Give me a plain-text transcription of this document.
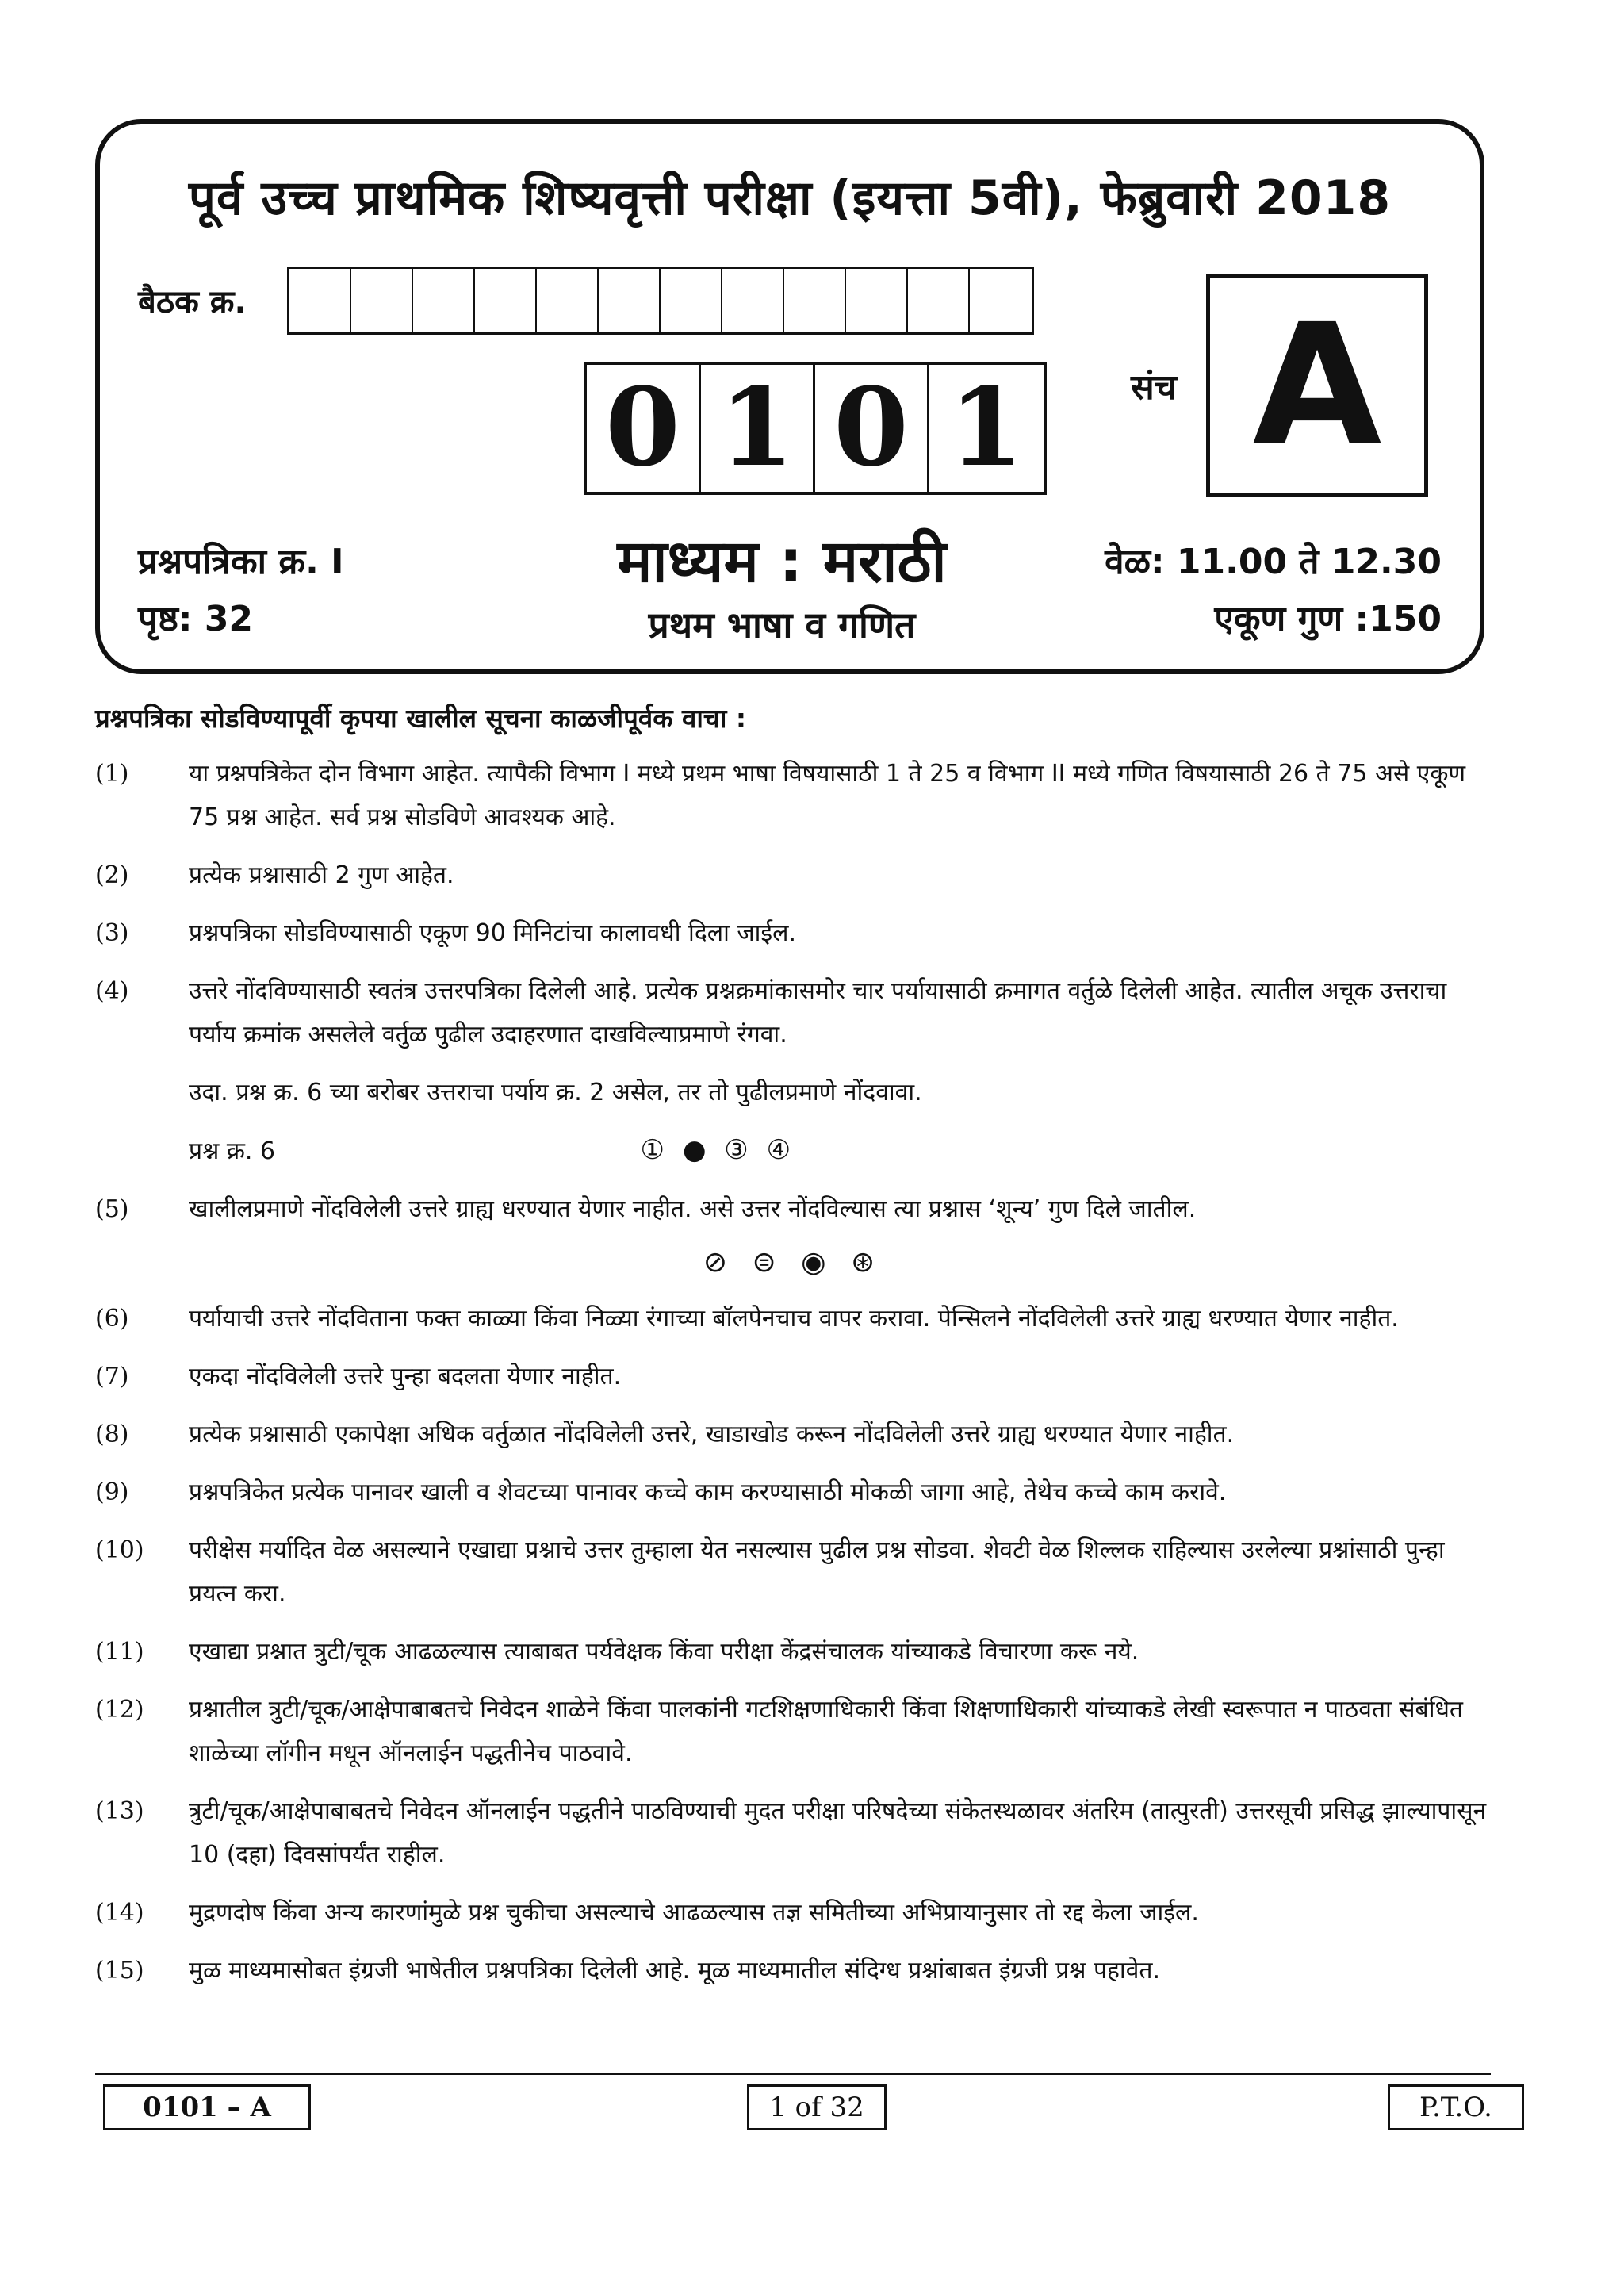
पूर्व उच्च प्राथमिक शिष्यवृत्ती परीक्षा (इयत्ता 5वी), फेब्रुवारी 2018
बैठक क्र.
0 1 0 1	संच A
प्रश्नपत्रिका क्र. I
पृष्ठ: 32
माध्यम : मराठी
प्रथम भाषा व गणित
वेळ: 11.00 ते 12.30
एकूण गुण :150
प्रश्नपत्रिका सोडविण्यापूर्वी कृपया खालील सूचना काळजीपूर्वक वाचा :
(1)	या प्रश्नपत्रिकेत दोन विभाग आहेत. त्यापैकी विभाग I मध्ये प्रथम भाषा विषयासाठी 1 ते 25 व विभाग II मध्ये गणित विषयासाठी 26 ते 75 असे एकूण 75 प्रश्न आहेत. सर्व प्रश्न सोडविणे आवश्यक आहे.
(2)	प्रत्येक प्रश्नासाठी 2 गुण आहेत.
(3)	प्रश्नपत्रिका सोडविण्यासाठी एकूण 90 मिनिटांचा कालावधी दिला जाईल.
(4)	उत्तरे नोंदविण्यासाठी स्वतंत्र उत्तरपत्रिका दिलेली आहे. प्रत्येक प्रश्नक्रमांकासमोर चार पर्यायासाठी क्रमागत वर्तुळे दिलेली आहेत. त्यातील अचूक उत्तराचा पर्याय क्रमांक असलेले वर्तुळ पुढील उदाहरणात दाखविल्याप्रमाणे रंगवा.
उदा. प्रश्न क्र. 6 च्या बरोबर उत्तराचा पर्याय क्र. 2 असेल, तर तो पुढीलप्रमाणे नोंदवावा.
प्रश्न क्र. 6	① ● ③ ④
(5)	खालीलप्रमाणे नोंदविलेली उत्तरे ग्राह्य धरण्यात येणार नाहीत. असे उत्तर नोंदविल्यास त्या प्रश्नास ‘शून्य’ गुण दिले जातील.
⊘ ⊜ ◉ ⊛
(6)	पर्यायाची उत्तरे नोंदविताना फक्त काळ्या किंवा निळ्या रंगाच्या बॉलपेनचाच वापर करावा. पेन्सिलने नोंदविलेली उत्तरे ग्राह्य धरण्यात येणार नाहीत.
(7)	एकदा नोंदविलेली उत्तरे पुन्हा बदलता येणार नाहीत.
(8)	प्रत्येक प्रश्नासाठी एकापेक्षा अधिक वर्तुळात नोंदविलेली उत्तरे, खाडाखोड करून नोंदविलेली उत्तरे ग्राह्य धरण्यात येणार नाहीत.
(9)	प्रश्नपत्रिकेत प्रत्येक पानावर खाली व शेवटच्या पानावर कच्चे काम करण्यासाठी मोकळी जागा आहे, तेथेच कच्चे काम करावे.
(10) परीक्षेस मर्यादित वेळ असल्याने एखाद्या प्रश्नाचे उत्तर तुम्हाला येत नसल्यास पुढील प्रश्न सोडवा. शेवटी वेळ शिल्लक राहिल्यास उरलेल्या प्रश्नांसाठी पुन्हा प्रयत्न करा.
(11) एखाद्या प्रश्नात त्रुटी/चूक आढळल्यास त्याबाबत पर्यवेक्षक किंवा परीक्षा केंद्रसंचालक यांच्याकडे विचारणा करू नये.
(12) प्रश्नातील त्रुटी/चूक/आक्षेपाबाबतचे निवेदन शाळेने किंवा पालकांनी गटशिक्षणाधिकारी किंवा शिक्षणाधिकारी यांच्याकडे लेखी स्वरूपात न पाठवता संबंधित शाळेच्या लॉगीन मधून ऑनलाईन पद्धतीनेच पाठवावे.
(13) त्रुटी/चूक/आक्षेपाबाबतचे निवेदन ऑनलाईन पद्धतीने पाठविण्याची मुदत परीक्षा परिषदेच्या संकेतस्थळावर अंतरिम (तात्पुरती) उत्तरसूची प्रसिद्ध झाल्यापासून 10 (दहा) दिवसांपर्यंत राहील.
(14) मुद्रणदोष किंवा अन्य कारणांमुळे प्रश्न चुकीचा असल्याचे आढळल्यास तज्ञ समितीच्या अभिप्रायानुसार तो रद्द केला जाईल.
(15) मुळ माध्यमासोबत इंग्रजी भाषेतील प्रश्नपत्रिका दिलेली आहे. मूळ माध्यमातील संदिग्ध प्रश्नांबाबत इंग्रजी प्रश्न पहावेत.
0101 – A	1 of 32	P.T.O.
